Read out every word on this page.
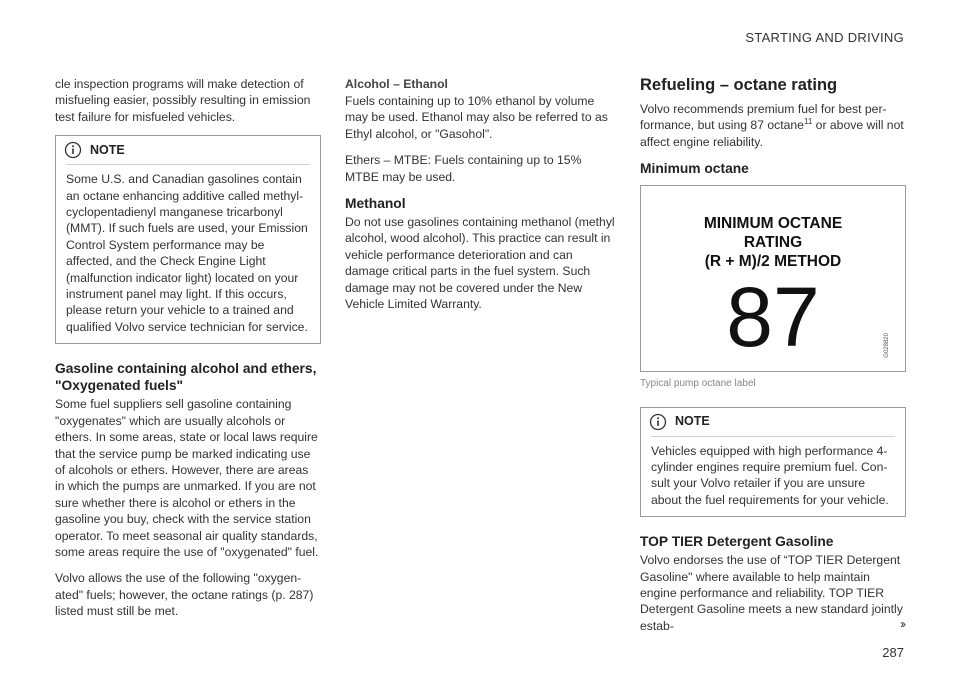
STARTING AND DRIVING

cle inspection programs will make detection of misfueling easier, possibly resulting in emission test failure for misfueled vehicles.

NOTE

Some U.S. and Canadian gasolines contain an octane enhancing additive called methyl- cyclopentadienyl manganese tricarbonyl (MMT). If such fuels are used, your Emission Control System performance may be affected, and the Check Engine Light (malfunction indicator light) located on your instrument panel may light. If this occurs, please return your vehicle to a trained and qualified Volvo service technician for service.

Gasoline containing alcohol and ethers, "Oxygenated fuels"

Some fuel suppliers sell gasoline containing "oxygenates" which are usually alcohols or ethers. In some areas, state or local laws require that the service pump be marked indicating use of alcohols or ethers. However, there are areas in which the pumps are unmarked. If you are not sure whether there is alcohol or ethers in the gasoline you buy, check with the service station operator. To meet seasonal air quality standards, some areas require the use of "oxygenated" fuel.

Volvo allows the use of the following "oxygen- ated" fuels; however, the octane ratings (p. 287) listed must still be met.

Alcohol – Ethanol

Fuels containing up to 10% ethanol by volume may be used. Ethanol may also be referred to as Ethyl alcohol, or "Gasohol".

Ethers – MTBE: Fuels containing up to 15% MTBE may be used.

Methanol

Do not use gasolines containing methanol (methyl alcohol, wood alcohol). This practice can result in vehicle performance deterioration and can damage critical parts in the fuel system. Such damage may not be covered under the New Vehicle Limited Warranty.

Refueling – octane rating

Volvo recommends premium fuel for best per- formance, but using 87 octane$^{11}$ or above will not affect engine reliability.

Minimum octane
MINIMUM OCTANE
RATING
(R + M)/2 METHOD
87	G028820
Typical pump octane label
NOTE

Vehicles equipped with high performance 4- cylinder engines require premium fuel. Con- sult your Volvo retailer if you are unsure about the fuel requirements for your vehicle.

TOP TIER Detergent Gasoline

Volvo endorses the use of “TOP TIER Detergent Gasoline" where available to help maintain engine performance and reliability. TOP TIER Detergent Gasoline meets a new standard jointly estab-	››
287
